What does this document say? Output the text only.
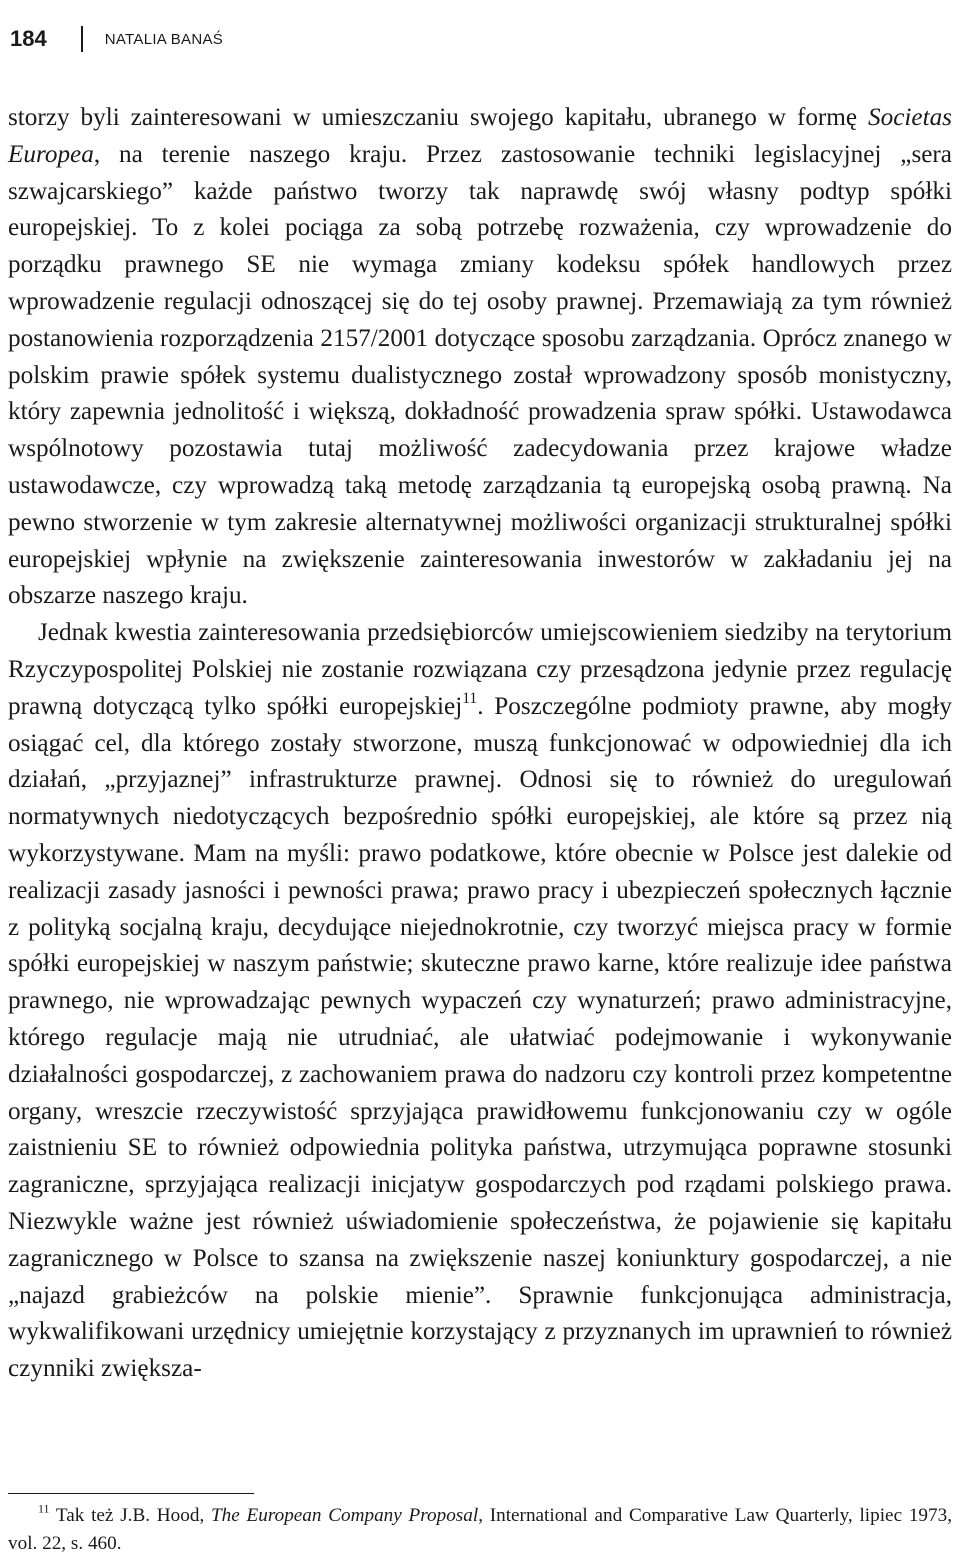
184	NATALIA BANAŚ

storzy byli zainteresowani w umieszczaniu swojego kapitału, ubranego w formę Societas Europea, na terenie naszego kraju. Przez zastosowanie techniki legislacyjnej „sera szwajcarskiego” każde państwo tworzy tak naprawdę swój własny podtyp spółki europejskiej. To z kolei pociąga za sobą potrzebę rozważenia, czy wprowadzenie do porządku prawnego SE nie wymaga zmiany kodeksu spółek handlowych przez wprowadzenie regulacji odnoszącej się do tej osoby prawnej. Przemawiają za tym również postanowienia rozporządzenia 2157/2001 dotyczące sposobu zarządzania. Oprócz znanego w polskim prawie spółek systemu dualistycznego został wprowadzony sposób monistyczny, który zapewnia jednolitość i większą, dokładność prowadzenia spraw spółki. Ustawodawca wspólnotowy pozostawia tutaj możliwość zadecydowania przez krajowe władze ustawodawcze, czy wprowadzą taką metodę zarządzania tą europejską osobą prawną. Na pewno stworzenie w tym zakresie alternatywnej możliwości organizacji strukturalnej spółki europejskiej wpłynie na zwiększenie zainteresowania inwestorów w zakładaniu jej na obszarze naszego kraju.

Jednak kwestia zainteresowania przedsiębiorców umiejscowieniem siedziby na terytorium Rzyczypospolitej Polskiej nie zostanie rozwiązana czy przesądzona jedynie przez regulację prawną dotyczącą tylko spółki europejskiej$^{11}$. Poszczególne podmioty prawne, aby mogły osiągać cel, dla którego zostały stworzone, muszą funkcjonować w odpowiedniej dla ich działań, „przyjaznej” infrastrukturze prawnej. Odnosi się to również do uregulowań normatywnych niedotyczących bezpośrednio spółki europejskiej, ale które są przez nią wykorzystywane. Mam na myśli: prawo podatkowe, które obecnie w Polsce jest dalekie od realizacji zasady jasności i pewności prawa; prawo pracy i ubezpieczeń społecznych łącznie z polityką socjalną kraju, decydujące niejednokrotnie, czy tworzyć miejsca pracy w formie spółki europejskiej w naszym państwie; skuteczne prawo karne, które realizuje idee państwa prawnego, nie wprowadzając pewnych wypaczeń czy wynaturzeń; prawo administracyjne, którego regulacje mają nie utrudniać, ale ułatwiać podejmowanie i wykonywanie działalności gospodarczej, z zachowaniem prawa do nadzoru czy kontroli przez kompetentne organy, wreszcie rzeczywistość sprzyjająca prawidłowemu funkcjonowaniu czy w ogóle zaistnieniu SE to również odpowiednia polityka państwa, utrzymująca poprawne stosunki zagraniczne, sprzyjająca realizacji inicjatyw gospodarczych pod rządami polskiego prawa. Niezwykle ważne jest również uświadomienie społeczeństwa, że pojawienie się kapitału zagranicznego w Polsce to szansa na zwiększenie naszej koniunktury gospodarczej, a nie „najazd grabieżców na polskie mienie”. Sprawnie funkcjonująca administracja, wykwalifikowani urzędnicy umiejętnie korzystający z przyznanych im uprawnień to również czynniki zwiększa-

$^{11}$ Tak też J.B. Hood, The European Company Proposal, International and Comparative Law Quarterly, lipiec 1973, vol. 22, s. 460.
